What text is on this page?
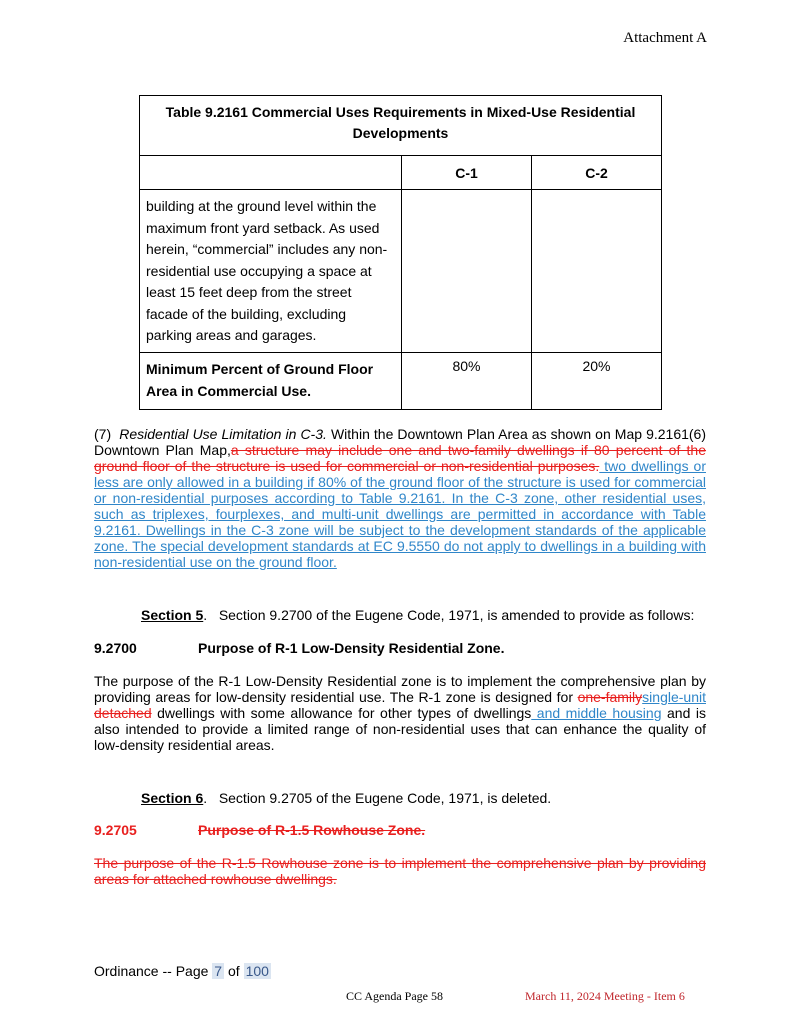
Attachment A
Table 9.2161 Commercial Uses Requirements in Mixed-Use Residential Developments		
	C-1	C-2
building at the ground level within the maximum front yard setback. As used herein, “commercial” includes any non-residential use occupying a space at least 15 feet deep from the street facade of the building, excluding parking areas and garages.		
Minimum Percent of Ground Floor Area in Commercial Use.	80%	20%
(7) Residential Use Limitation in C-3. Within the Downtown Plan Area as shown on Map 9.2161(6) Downtown Plan Map,a structure may include one and two-family dwellings if 80 percent of the ground floor of the structure is used for commercial or non-residential purposes. two dwellings or less are only allowed in a building if 80% of the ground floor of the structure is used for commercial or non-residential purposes according to Table 9.2161. In the C-3 zone, other residential uses, such as triplexes, fourplexes, and multi-unit dwellings are permitted in accordance with Table 9.2161. Dwellings in the C-3 zone will be subject to the development standards of the applicable zone. The special development standards at EC 9.5550 do not apply to dwellings in a building with non-residential use on the ground floor.
Section 5. Section 9.2700 of the Eugene Code, 1971, is amended to provide as follows:
9.2700	Purpose of R-1 Low-Density Residential Zone.
The purpose of the R-1 Low-Density Residential zone is to implement the comprehensive plan by providing areas for low-density residential use. The R-1 zone is designed for one-familysingle-unit detached dwellings with some allowance for other types of dwellings and middle housing and is also intended to provide a limited range of non-residential uses that can enhance the quality of low-density residential areas.
Section 6. Section 9.2705 of the Eugene Code, 1971, is deleted.
9.2705	Purpose of R-1.5 Rowhouse Zone.
The purpose of the R-1.5 Rowhouse zone is to implement the comprehensive plan by providing areas for attached rowhouse dwellings.
Ordinance -- Page 7 of 100
CC Agenda Page 58	March 11, 2024 Meeting - Item 6
